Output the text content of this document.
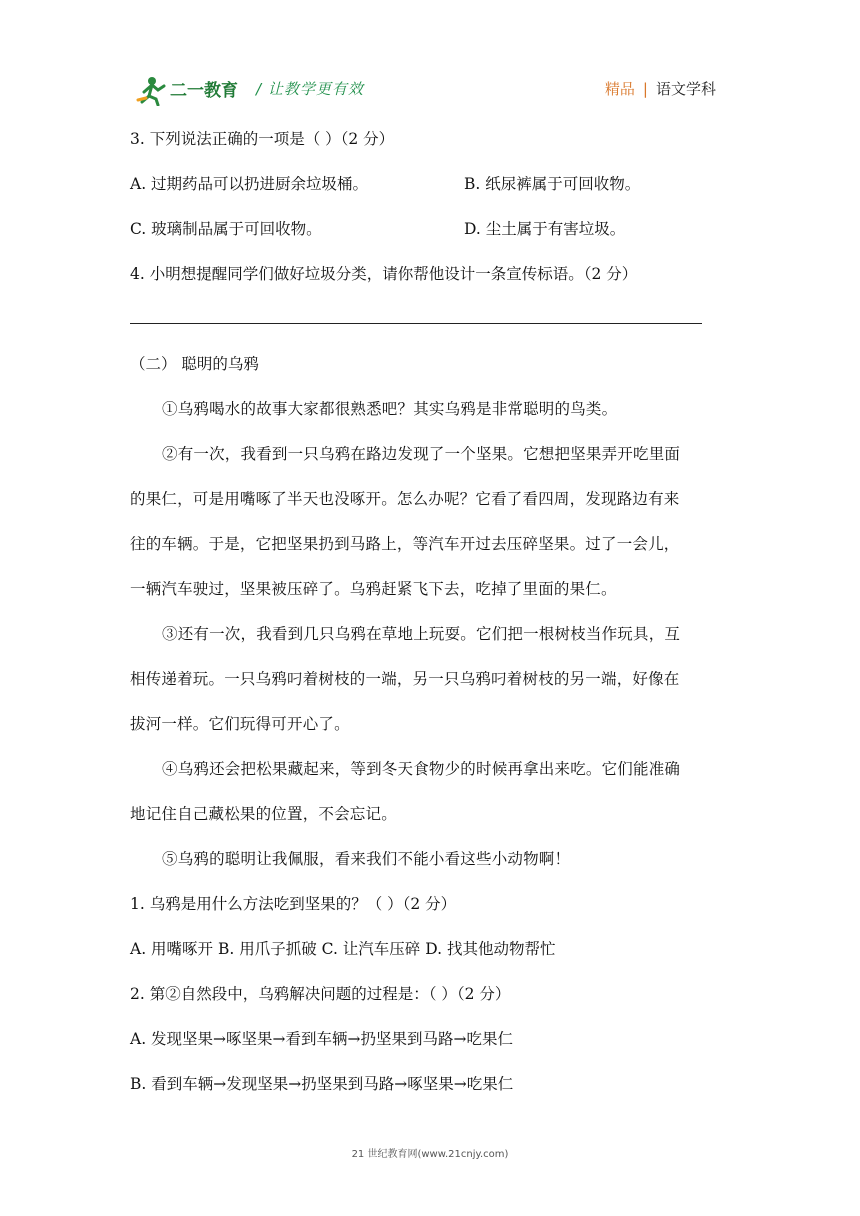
二一教育 / 让教学更有效	精品 | 语文学科
3. 下列说法正确的一项是（ ）（2 分）
A. 过期药品可以扔进厨余垃圾桶。	B. 纸尿裤属于可回收物。
C. 玻璃制品属于可回收物。	D. 尘土属于有害垃圾。
4. 小明想提醒同学们做好垃圾分类，请你帮他设计一条宣传标语。（2 分）
（二） 聪明的乌鸦
①乌鸦喝水的故事大家都很熟悉吧？其实乌鸦是非常聪明的鸟类。
②有一次，我看到一只乌鸦在路边发现了一个坚果。它想把坚果弄开吃里面
的果仁，可是用嘴啄了半天也没啄开。怎么办呢？它看了看四周，发现路边有来
往的车辆。于是，它把坚果扔到马路上，等汽车开过去压碎坚果。过了一会儿，
一辆汽车驶过，坚果被压碎了。乌鸦赶紧飞下去，吃掉了里面的果仁。
③还有一次，我看到几只乌鸦在草地上玩耍。它们把一根树枝当作玩具，互
相传递着玩。一只乌鸦叼着树枝的一端，另一只乌鸦叼着树枝的另一端，好像在
拔河一样。它们玩得可开心了。
④乌鸦还会把松果藏起来，等到冬天食物少的时候再拿出来吃。它们能准确
地记住自己藏松果的位置，不会忘记。
⑤乌鸦的聪明让我佩服，看来我们不能小看这些小动物啊！
1. 乌鸦是用什么方法吃到坚果的？（ ）（2 分）
A. 用嘴啄开 B. 用爪子抓破 C. 让汽车压碎 D. 找其他动物帮忙
2. 第②自然段中，乌鸦解决问题的过程是：（ ）（2 分）
A. 发现坚果→啄坚果→看到车辆→扔坚果到马路→吃果仁
B. 看到车辆→发现坚果→扔坚果到马路→啄坚果→吃果仁
21 世纪教育网(www.21cnjy.com)
